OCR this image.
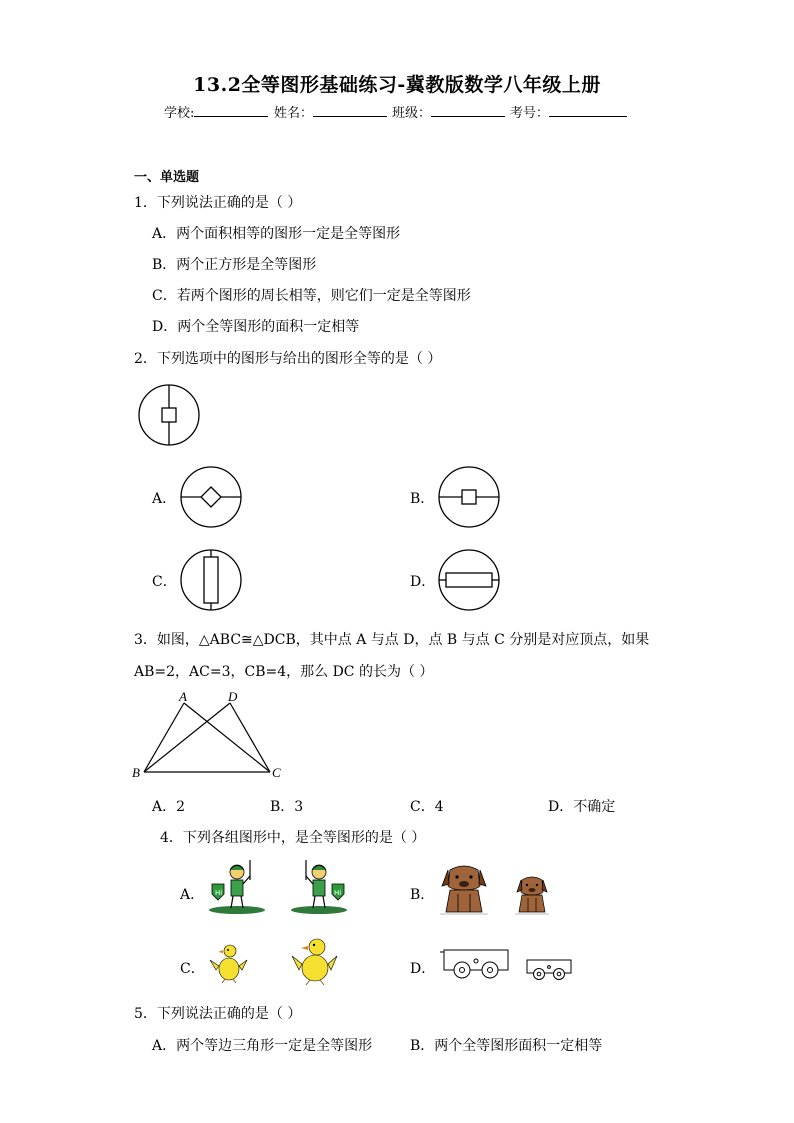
13.2全等图形基础练习-冀教版数学八年级上册
学校:	姓名：	班级：	考号：
一、单选题
1．下列说法正确的是（ ）
A．两个面积相等的图形一定是全等图形
B．两个正方形是全等图形
C．若两个图形的周长相等，则它们一定是全等图形
D．两个全等图形的面积一定相等
2．下列选项中的图形与给出的图形全等的是（ ）
A．	B．
C．	D．
3．如图，△ABC≅△DCB，其中点 A 与点 D，点 B 与点 C 分别是对应顶点，如果
AB=2，AC=3，CB=4，那么 DC 的长为（ ）
A	D
B	C
A．2	B．3	C．4	D．不确定
4．下列各组图形中，是全等图形的是（ ）
A． Hi	Hi	B．
C．	D．
5．下列说法正确的是（ ）
A．两个等边三角形一定是全等图形	B．两个全等图形面积一定相等
